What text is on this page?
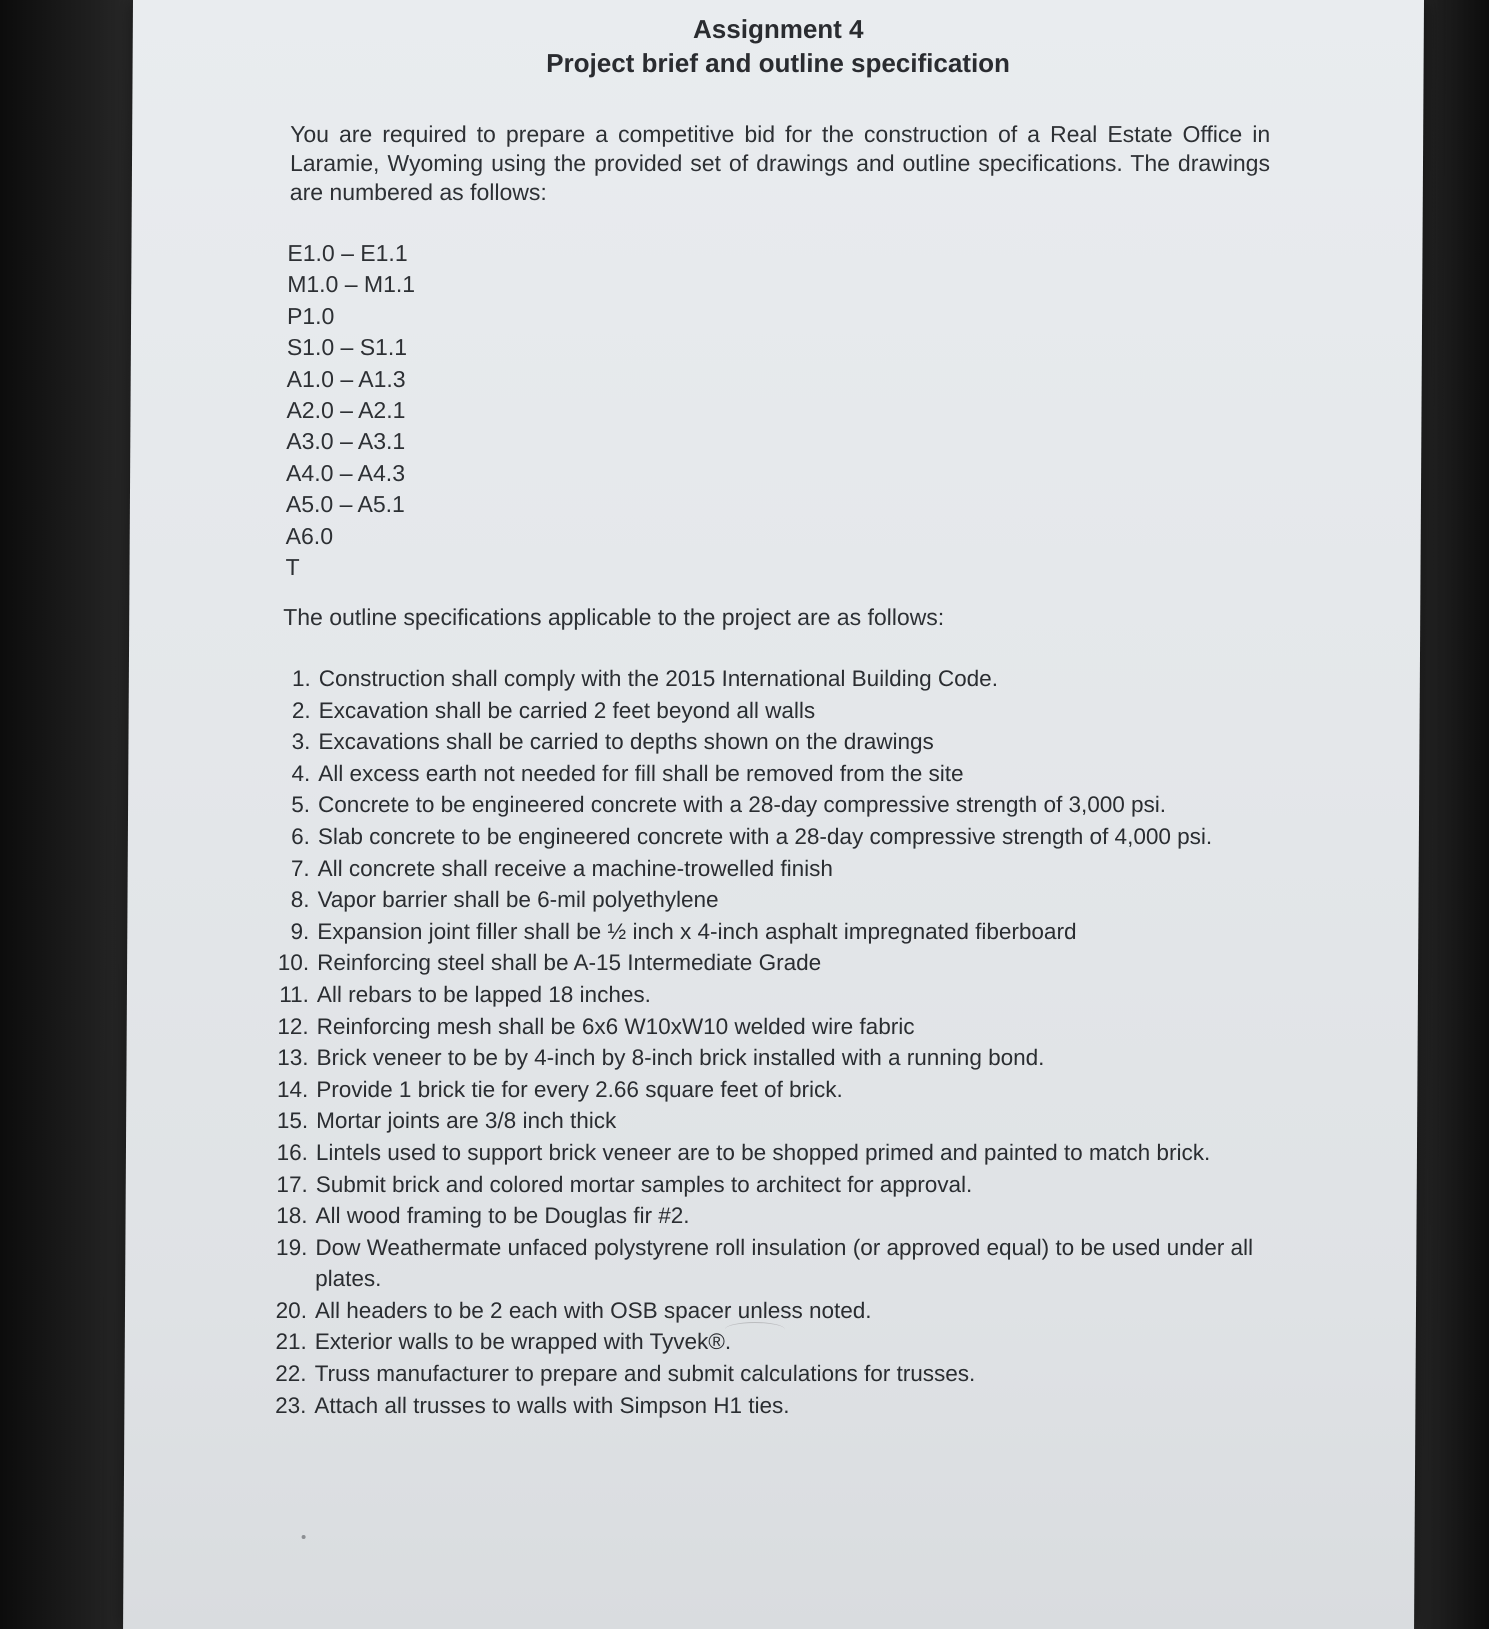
Assignment 4
Project brief and outline specification

You are required to prepare a competitive bid for the construction of a Real Estate Office in Laramie, Wyoming using the provided set of drawings and outline specifications. The drawings are numbered as follows:

E1.0 – E1.1
M1.0 – M1.1
P1.0
S1.0 – S1.1
A1.0 – A1.3
A2.0 – A2.1
A3.0 – A3.1
A4.0 – A4.3
A5.0 – A5.1
A6.0
T

The outline specifications applicable to the project are as follows:

1. Construction shall comply with the 2015 International Building Code.
2. Excavation shall be carried 2 feet beyond all walls
3. Excavations shall be carried to depths shown on the drawings
4. All excess earth not needed for fill shall be removed from the site
5. Concrete to be engineered concrete with a 28-day compressive strength of 3,000 psi.
6. Slab concrete to be engineered concrete with a 28-day compressive strength of 4,000 psi.
7. All concrete shall receive a machine-trowelled finish
8. Vapor barrier shall be 6-mil polyethylene
9. Expansion joint filler shall be ½ inch x 4-inch asphalt impregnated fiberboard
10. Reinforcing steel shall be A-15 Intermediate Grade
11. All rebars to be lapped 18 inches.
12. Reinforcing mesh shall be 6x6 W10xW10 welded wire fabric
13. Brick veneer to be by 4-inch by 8-inch brick installed with a running bond.
14. Provide 1 brick tie for every 2.66 square feet of brick.
15. Mortar joints are 3/8 inch thick
16. Lintels used to support brick veneer are to be shopped primed and painted to match brick.
17. Submit brick and colored mortar samples to architect for approval.
18. All wood framing to be Douglas fir #2.
19. Dow Weathermate unfaced polystyrene roll insulation (or approved equal) to be used under all plates.
20. All headers to be 2 each with OSB spacer unless noted.
21. Exterior walls to be wrapped with Tyvek®.
22. Truss manufacturer to prepare and submit calculations for trusses.
23. Attach all trusses to walls with Simpson H1 ties.
